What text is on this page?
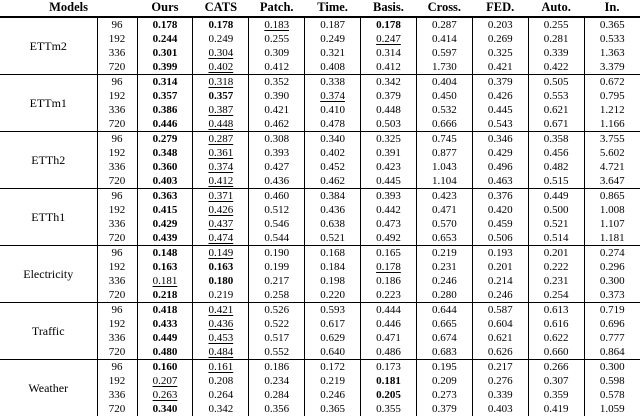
Models		Ours	CATS	Patch.	Time.	Basis.	Cross.	FED.	Auto.	In.
ETTm2	96	0.178	0.178	0.183	0.187	0.178	0.287	0.203	0.255	0.365
	192	0.244	0.249	0.255	0.249	0.247	0.414	0.269	0.281	0.533
	336	0.301	0.304	0.309	0.321	0.314	0.597	0.325	0.339	1.363
	720	0.399	0.402	0.412	0.408	0.412	1.730	0.421	0.422	3.379
ETTm1	96	0.314	0.318	0.352	0.338	0.342	0.404	0.379	0.505	0.672
	192	0.357	0.357	0.390	0.374	0.379	0.450	0.426	0.553	0.795
	336	0.386	0.387	0.421	0.410	0.448	0.532	0.445	0.621	1.212
	720	0.446	0.448	0.462	0.478	0.503	0.666	0.543	0.671	1.166
ETTh2	96	0.279	0.287	0.308	0.340	0.325	0.745	0.346	0.358	3.755
	192	0.348	0.361	0.393	0.402	0.391	0.877	0.429	0.456	5.602
	336	0.360	0.374	0.427	0.452	0.423	1.043	0.496	0.482	4.721
	720	0.403	0.412	0.436	0.462	0.445	1.104	0.463	0.515	3.647
ETTh1	96	0.363	0.371	0.460	0.384	0.393	0.423	0.376	0.449	0.865
	192	0.415	0.426	0.512	0.436	0.442	0.471	0.420	0.500	1.008
	336	0.429	0.437	0.546	0.638	0.473	0.570	0.459	0.521	1.107
	720	0.439	0.474	0.544	0.521	0.492	0.653	0.506	0.514	1.181
Electricity	96	0.148	0.149	0.190	0.168	0.165	0.219	0.193	0.201	0.274
	192	0.163	0.163	0.199	0.184	0.178	0.231	0.201	0.222	0.296
	336	0.181	0.180	0.217	0.198	0.186	0.246	0.214	0.231	0.300
	720	0.218	0.219	0.258	0.220	0.223	0.280	0.246	0.254	0.373
Traffic	96	0.418	0.421	0.526	0.593	0.444	0.644	0.587	0.613	0.719
	192	0.433	0.436	0.522	0.617	0.446	0.665	0.604	0.616	0.696
	336	0.449	0.453	0.517	0.629	0.471	0.674	0.621	0.622	0.777
	720	0.480	0.484	0.552	0.640	0.486	0.683	0.626	0.660	0.864
Weather	96	0.160	0.161	0.186	0.172	0.173	0.195	0.217	0.266	0.300
	192	0.207	0.208	0.234	0.219	0.181	0.209	0.276	0.307	0.598
	336	0.263	0.264	0.284	0.246	0.205	0.273	0.339	0.359	0.578
	720	0.340	0.342	0.356	0.365	0.355	0.379	0.403	0.419	1.059
